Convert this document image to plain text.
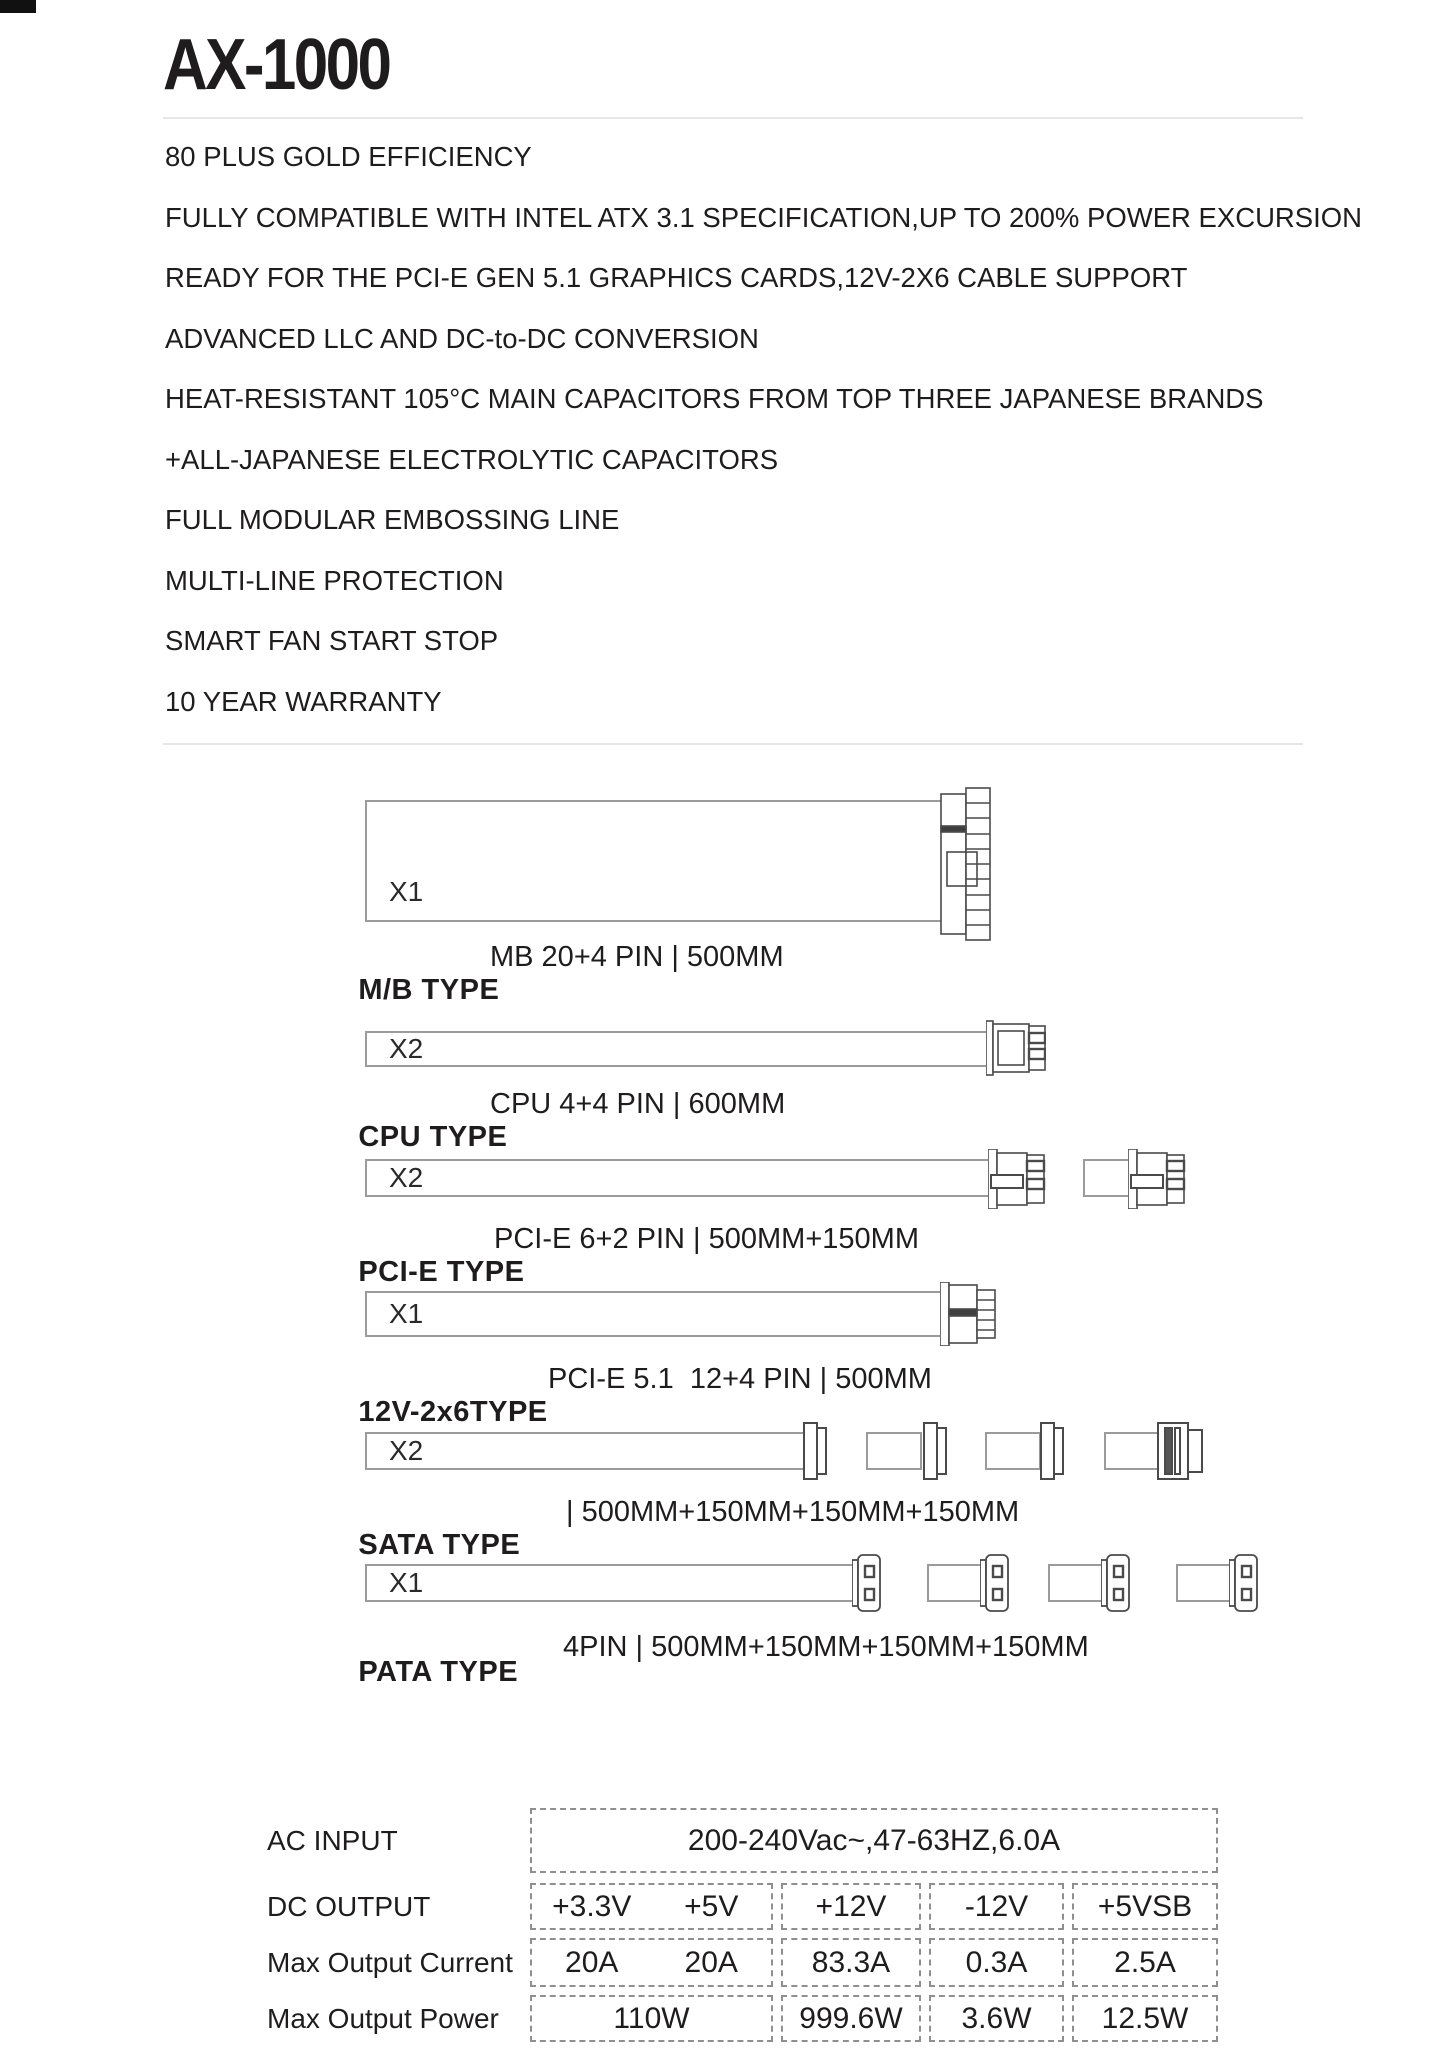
AX-1000
80 PLUS GOLD EFFICIENCY
FULLY COMPATIBLE WITH INTEL ATX 3.1 SPECIFICATION,UP TO 200% POWER EXCURSION
READY FOR THE PCI-E GEN 5.1 GRAPHICS CARDS,12V-2X6 CABLE SUPPORT
ADVANCED LLC AND DC-to-DC CONVERSION
HEAT-RESISTANT 105°C MAIN CAPACITORS FROM TOP THREE JAPANESE BRANDS
+ALL-JAPANESE ELECTROLYTIC CAPACITORS
FULL MODULAR EMBOSSING LINE
MULTI-LINE PROTECTION
SMART FAN START STOP
10 YEAR WARRANTY
X1

M/B TYPE

MB 20+4 PIN | 500MM

X2

CPU TYPE

CPU 4+4 PIN | 600MM

X2

PCI-E TYPE

PCI-E 6+2 PIN | 500MM+150MM

X1

12V-2x6TYPE

PCI-E 5.1  12+4 PIN | 500MM

X2

SATA TYPE

| 500MM+150MM+150MM+150MM

X1

PATA TYPE

4PIN | 500MM+150MM+150MM+150MM

AC INPUT	200-240Vac~,47-63HZ,6.0A
DC OUTPUT	+3.3V	+5V	+12V	-12V	+5VSB
Max Output Current	20A	20A	83.3A	0.3A	2.5A
Max Output Power	110W	999.6W	3.6W	12.5W
